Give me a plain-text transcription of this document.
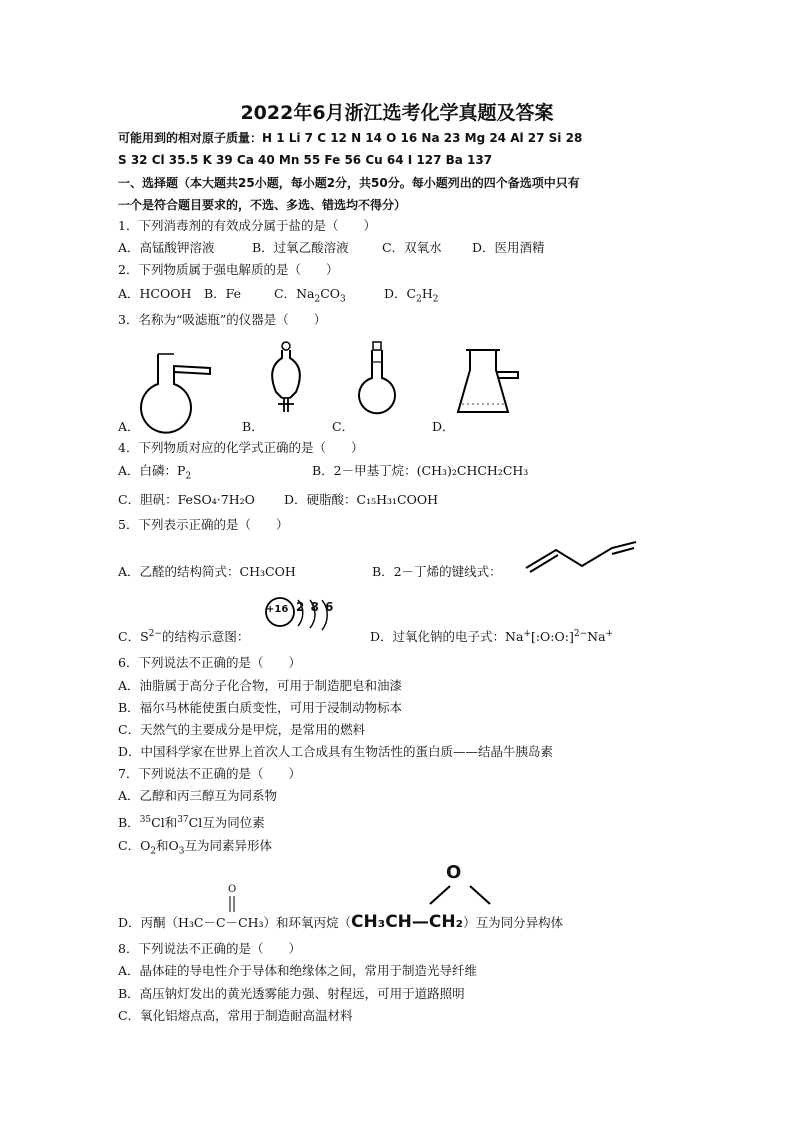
2022年6月浙江选考化学真题及答案
可能用到的相对原子质量：H 1 Li 7 C 12 N 14 O 16 Na 23 Mg 24 Al 27 Si 28
S 32 Cl 35.5 K 39 Ca 40 Mn 55 Fe 56 Cu 64 I 127 Ba 137
一、选择题（本大题共25小题，每小题2分，共50分。每小题列出的四个备选项中只有
一个是符合题目要求的，不选、多选、错选均不得分）
1．下列消毒剂的有效成分属于盐的是（　　）
A．高锰酸钾溶液	B．过氧乙酸溶液	C．双氧水 D．医用酒精
2．下列物质属于强电解质的是（　　）
A．HCOOH B．Fe	C．$Na_2CO_3$	D．$C_2H_2$
3．名称为“吸滤瓶”的仪器是（　　）
A．	B．	C．	D．
4．下列物质对应的化学式正确的是（　　）
A．白磷：$P_2$	B．2－甲基丁烷：(CH₃)₂CHCH₂CH₃
C．胆矾：FeSO₄·7H₂O D．硬脂酸：C₁₅H₃₁COOH
5．下列表示正确的是（　　）
A．乙醛的结构简式：CH₃COH	B．2－丁烯的键线式：
C．$S^{2-}$的结构示意图：	D．过氧化钠的电子式：Na+[:O:O:]$^{2-}$Na+
+16 2 8 6
6．下列说法不正确的是（　　）
A．油脂属于高分子化合物，可用于制造肥皂和油漆
B．福尔马林能使蛋白质变性，可用于浸制动物标本
C．天然气的主要成分是甲烷，是常用的燃料
D．中国科学家在世界上首次人工合成具有生物活性的蛋白质——结晶牛胰岛素
7．下列说法不正确的是（　　）
A．乙醇和丙三醇互为同系物
B．$^{35}$Cl和$^{37}$Cl互为同位素
C．$O_2$和$O_3$互为同素异形体
O
O
D．丙酮（H₃C－C－CH₃）和环氧丙烷（CH₃CH—CH₂）互为同分异构体
8．下列说法不正确的是（　　）
A．晶体硅的导电性介于导体和绝缘体之间，常用于制造光导纤维
B．高压钠灯发出的黄光透雾能力强、射程远，可用于道路照明
C．氧化铝熔点高，常用于制造耐高温材料
